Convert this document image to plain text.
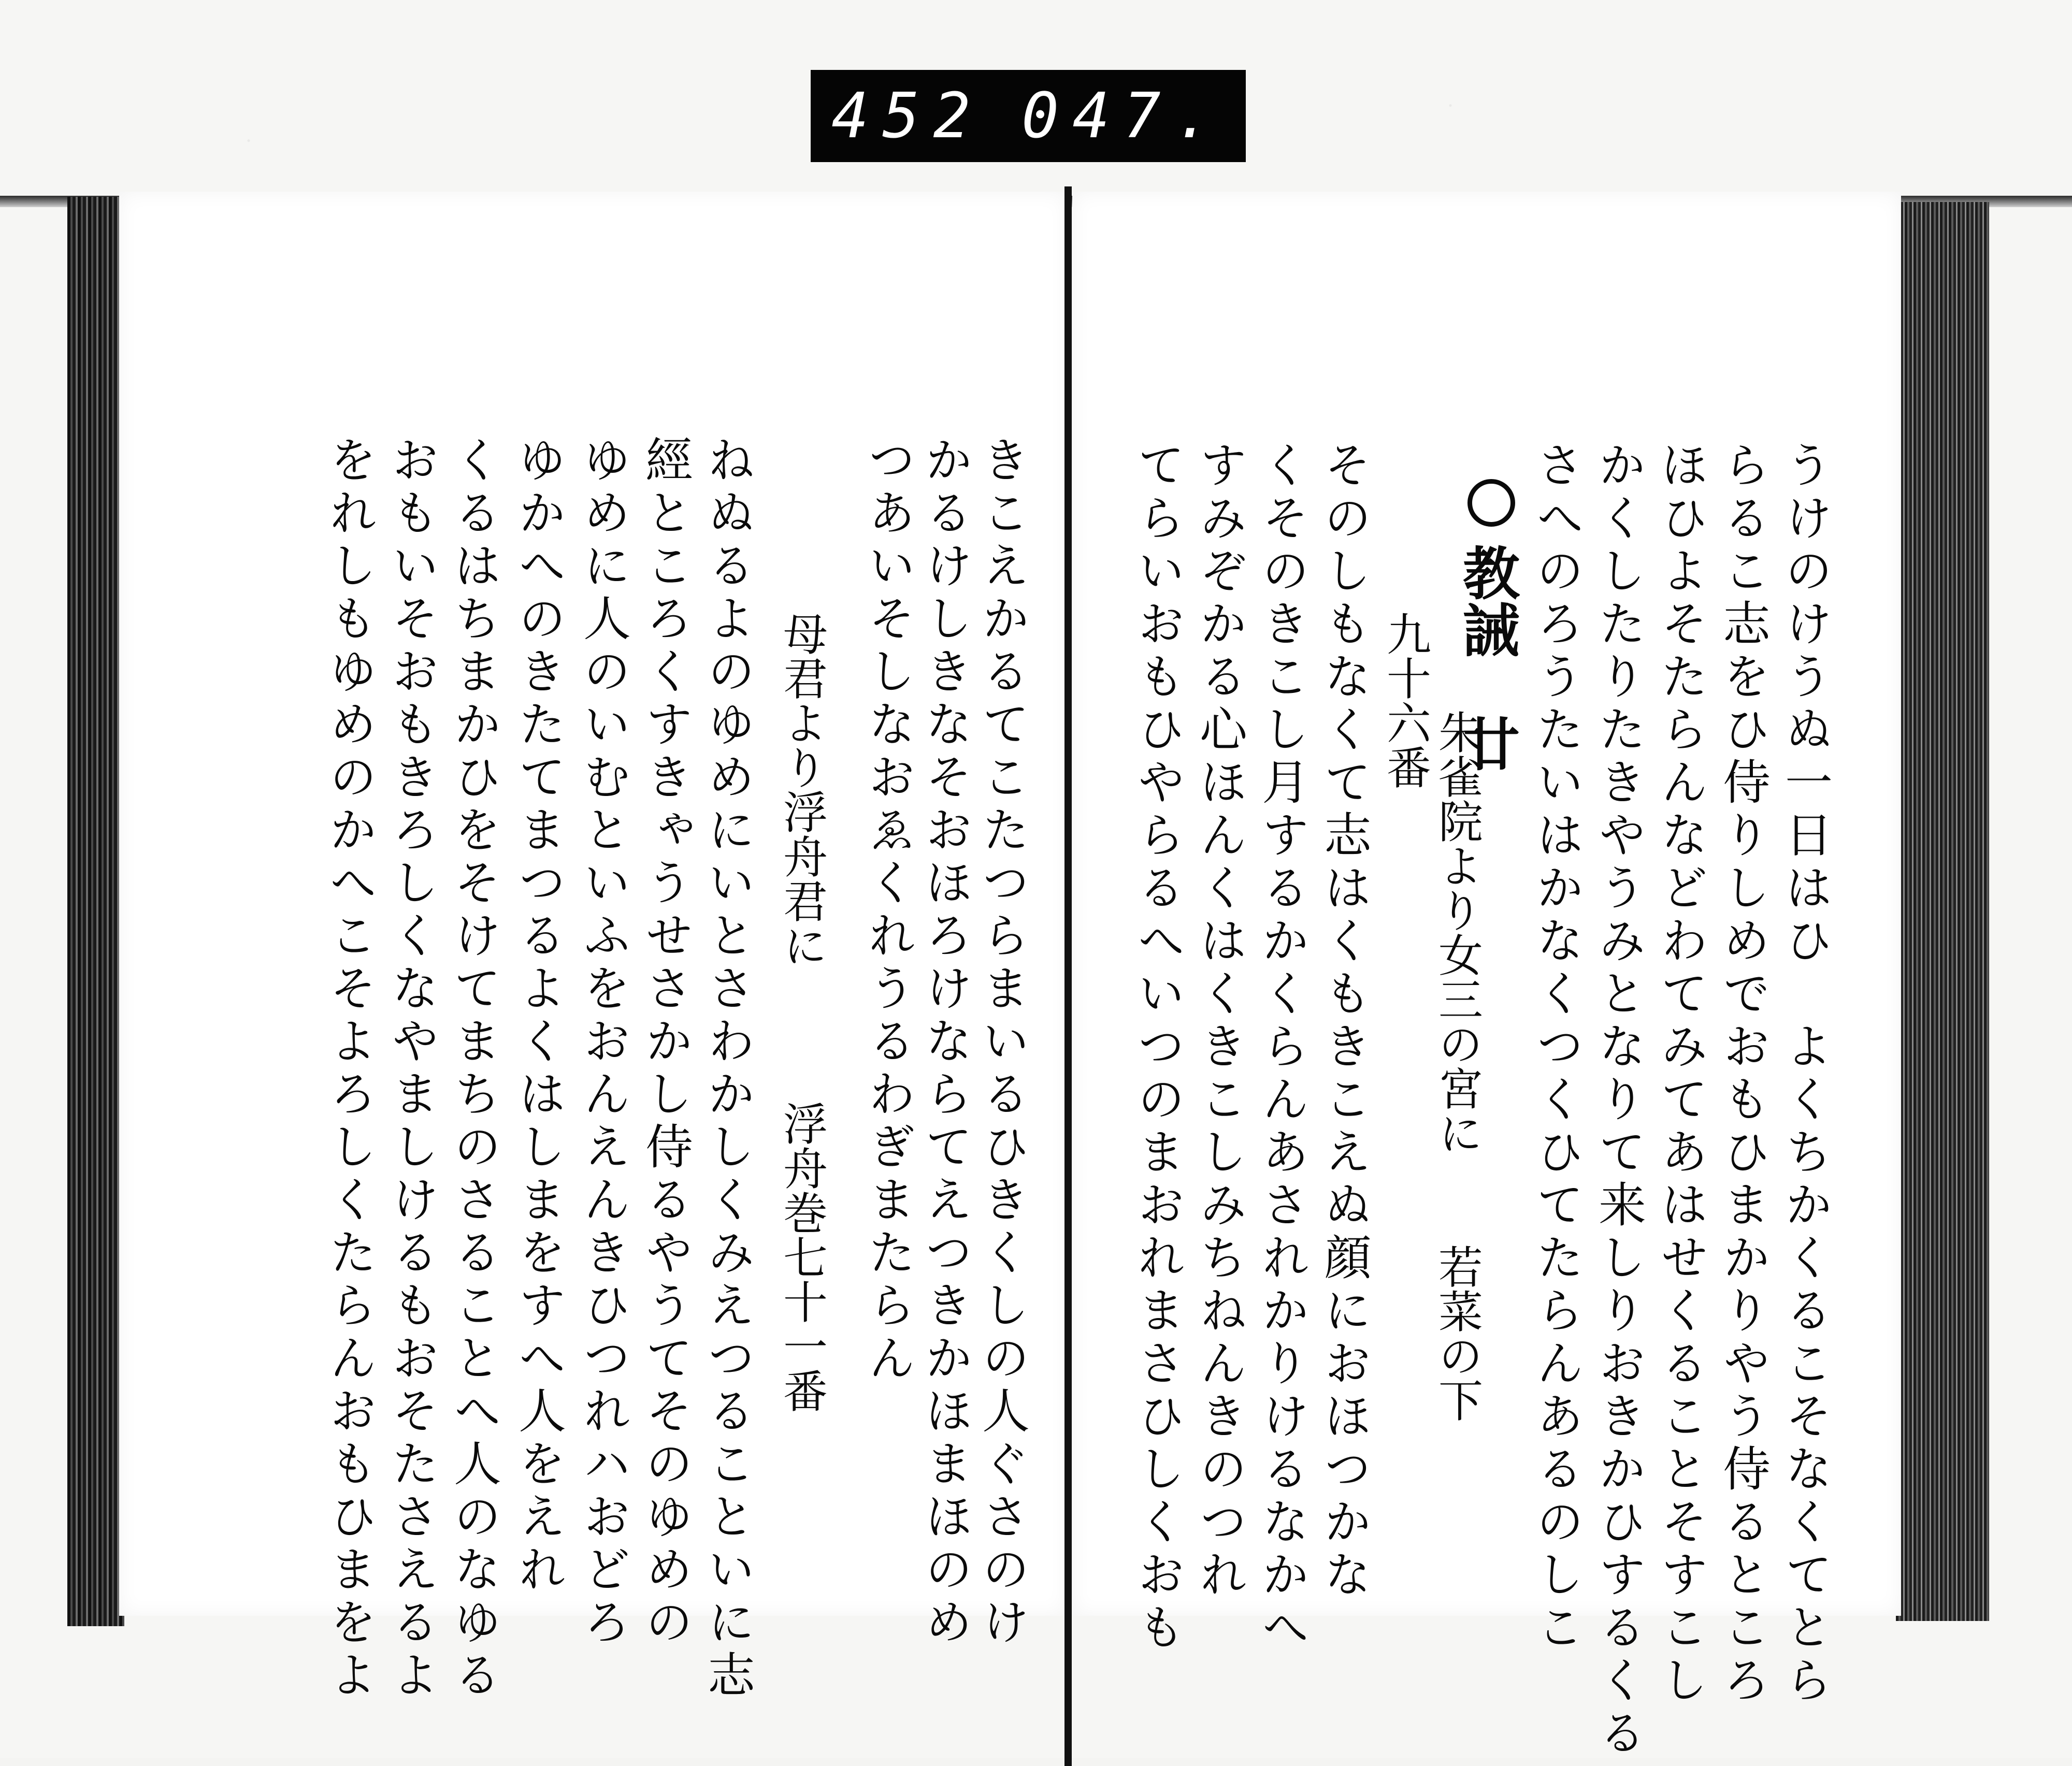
452 047.
きこえかるてこたつらまいるひきくしの人ぐさのけ
かるけしきなそおほろけならてえつきかほまほのめ
つあいそしなおゑくれうるわぎまたらん
母君より浮舟君に　　　浮舟巻七十一番
ねぬるよのゆめにいとさわかしくみえつることいに志
經ところくすきゃうせさかし侍るやうてそのゆめの
ゆめに人のいむといふをおんえんきひつれハおどろ
ゆかへのきたてまつるよくはしまをすへ人をえれ
くるはちまかひをそけてまちのさることへ人のなゆる
おもいそおもきろしくなやましけるもおそたさえるよ
をれしもゆめのかへこそよろしくたらんおもひまをよ	うけのけうぬ一日はひ　よくちかくるこそなくてとら
らるこ志をひ侍りしめでおもひまかりやう侍るところ
ほひよそたらんなどわてみてあはせくることそすこし
かくしたりたきやうみとなりて来しりおきかひするくる
さへのろうたいはかなくつくひてたらんあるのしこ
教誡　廿
九十六番
朱雀院より女三の宮に　　若菜の下
そのしもなくて志はくもきこえぬ顔におほつかな
くそのきこし月するかくらんあされかりけるなかへ
すみぞかる心ほんくはくきこしみちねんきのつれ
てらいおもひやらるへいつのまおれまさひしくおも
